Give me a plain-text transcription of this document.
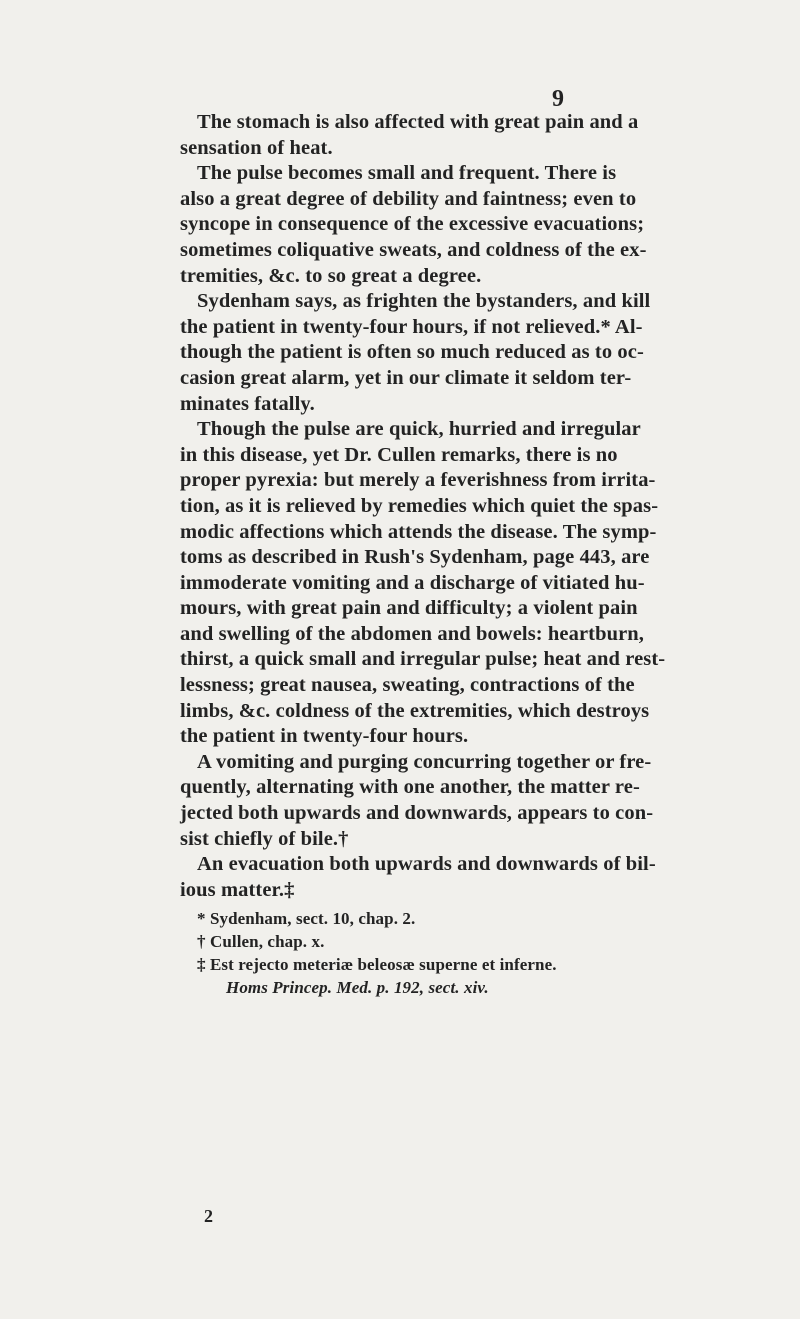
9
The stomach is also affected with great pain and a
sensation of heat.
The pulse becomes small and frequent. There is
also a great degree of debility and faintness; even to
syncope in consequence of the excessive evacuations;
sometimes coliquative sweats, and coldness of the ex-
tremities, &c. to so great a degree.
Sydenham says, as frighten the bystanders, and kill
the patient in twenty-four hours, if not relieved.* Al-
though the patient is often so much reduced as to oc-
casion great alarm, yet in our climate it seldom ter-
minates fatally.
Though the pulse are quick, hurried and irregular
in this disease, yet Dr. Cullen remarks, there is no
proper pyrexia: but merely a feverishness from irrita-
tion, as it is relieved by remedies which quiet the spas-
modic affections which attends the disease. The symp-
toms as described in Rush's Sydenham, page 443, are
immoderate vomiting and a discharge of vitiated hu-
mours, with great pain and difficulty; a violent pain
and swelling of the abdomen and bowels: heartburn,
thirst, a quick small and irregular pulse; heat and rest-
lessness; great nausea, sweating, contractions of the
limbs, &c. coldness of the extremities, which destroys
the patient in twenty-four hours.
A vomiting and purging concurring together or fre-
quently, alternating with one another, the matter re-
jected both upwards and downwards, appears to con-
sist chiefly of bile.†
An evacuation both upwards and downwards of bil-
ious matter.‡
* Sydenham, sect. 10, chap. 2.
† Cullen, chap. x.
‡ Est rejecto meteriæ beleosæ superne et inferne.
Homs Princep. Med. p. 192, sect. xiv.
2
